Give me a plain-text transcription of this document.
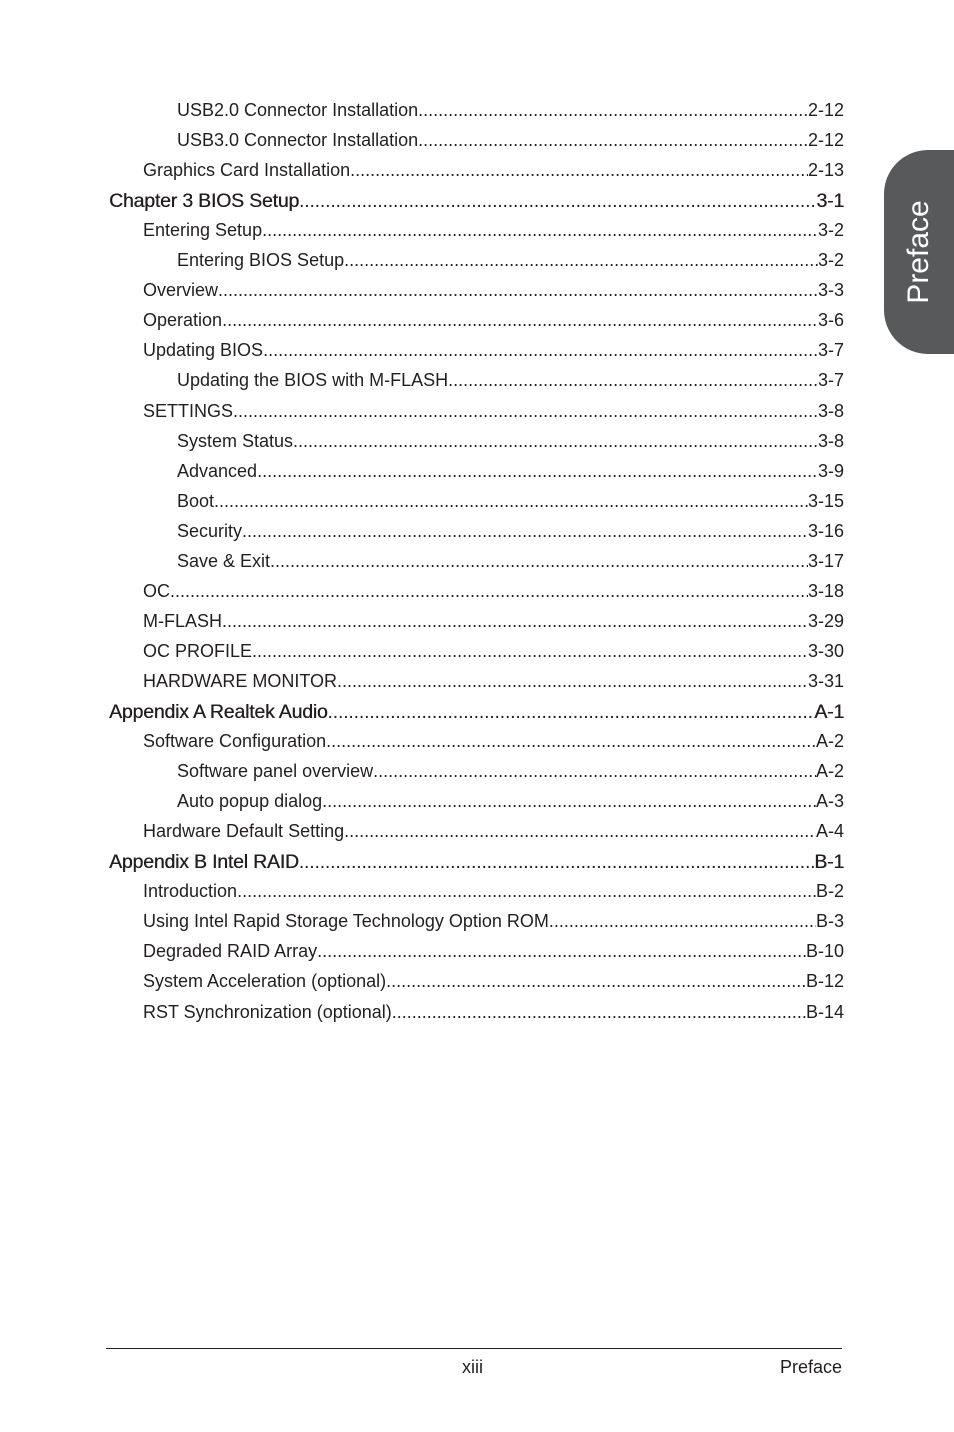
Preface
USB2.0 Connector Installation .....	2-12
USB3.0 Connector Installation .....	2-12
Graphics Card Installation .....	2-13
Chapter 3 BIOS Setup .....	3-1
Entering Setup .....	3-2
Entering BIOS Setup .....	3-2
Overview .....	3-3
Operation .....	3-6
Updating BIOS .....	3-7
Updating the BIOS with M-FLASH .....	3-7
SETTINGS .....	3-8
System Status .....	3-8
Advanced .....	3-9
Boot .....	3-15
Security .....	3-16
Save & Exit .....	3-17
OC .....	3-18
M-FLASH .....	3-29
OC PROFILE .....	3-30
HARDWARE MONITOR .....	3-31
Appendix A Realtek Audio .....	A-1
Software Configuration .....	A-2
Software panel overview .....	A-2
Auto popup dialog .....	A-3
Hardware Default Setting .....	A-4
Appendix B Intel RAID .....	B-1
Introduction .....	B-2
Using Intel Rapid Storage Technology Option ROM .....	B-3
Degraded RAID Array .....	B-10
System Acceleration (optional) .....	B-12
RST Synchronization (optional) .....	B-14
xiii	Preface
